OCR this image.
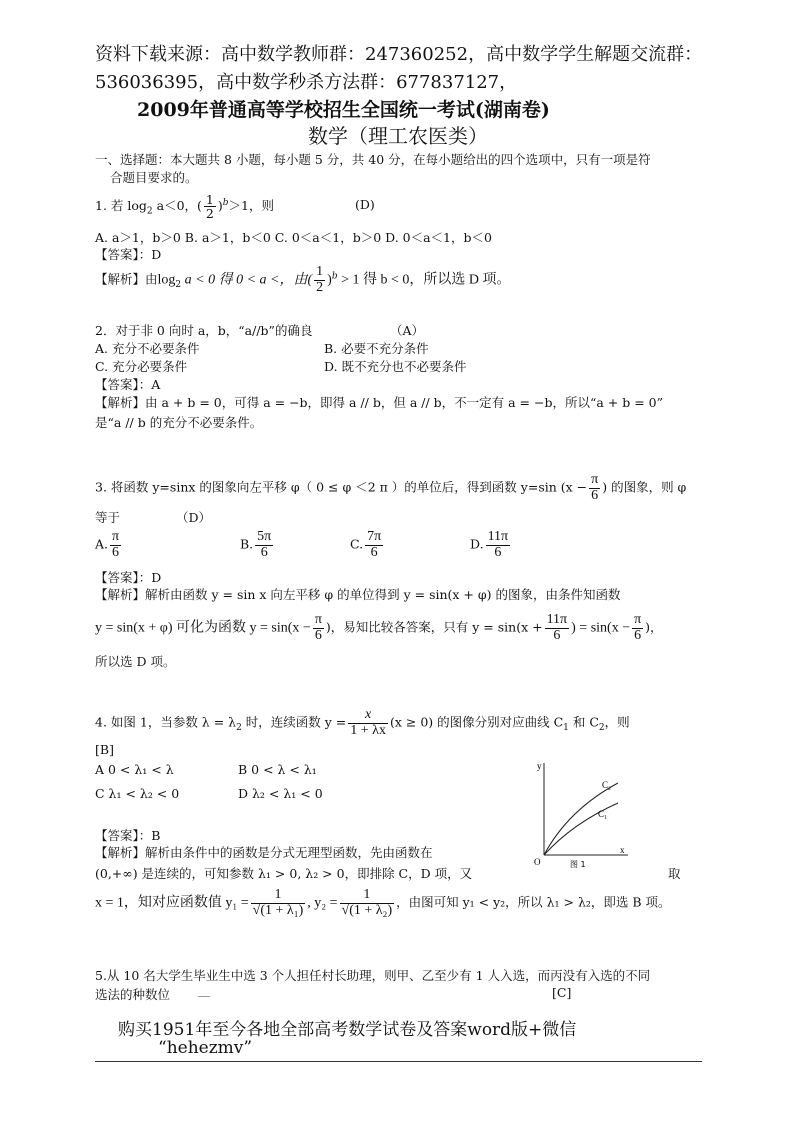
资料下载来源：高中数学教师群：247360252，高中数学学生解题交流群：
536036395，高中数学秒杀方法群：677837127，
2009年普通高等学校招生全国统一考试(湖南卷)
数学（理工农医类）
一、选择题：本大题共 8 小题，每小题 5 分，共 40 分，在每小题给出的四个选项中，只有一项是符
合题目要求的。
1. 若 $\log_2 a<0$，( $\frac{1}{2} )^b>1$，则	(D)
A. a＞1，b＞0 B. a＞1，b＜0 C. 0＜a＜1，b＞0 D. 0＜a＜1，b＜0
【答案】：D
【解析】由$\log_2 a < 0$ 得 0 < a <，由( $\frac{1}{2} )^b > 1$ 得 b < 0，所以选 D 项。
2．对于非 0 向时 a，b，“a//b”的确良	（A）
A. 充分不必要条件	B. 必要不充分条件
C. 充分必要条件	D. 既不充分也不必要条件
【答案】：A
【解析】由 a + b = 0，可得 a = −b，即得 a // b，但 a // b，不一定有 a = −b，所以“a + b = 0”
是“a // b 的充分不必要条件。
3. 将函数 y=sinx 的图象向左平移 φ（ 0 ≤ φ ＜2 π ）的单位后，得到函数 y=sin ($x - \frac{\pi}{6}$ ) 的图象，则 φ
等于	（D）
A. $\frac{\pi}{6}$	B. $\frac{5\pi}{6}$	C. $\frac{7\pi}{6}$	D. $\frac{11\pi}{6}$
【答案】：D
【解析】解析由函数 y = sin x 向左平移 φ 的单位得到 y = sin(x + φ) 的图象，由条件知函数
y = sin(x + φ) 可化为函数 $y = \sin(x - \frac{\pi}{6}$ )，易知比较各答案，只有 $y = \sin(x + \frac{11\pi}{6}$ ) = $\sin(x - \frac{\pi}{6}$ )，
所以选 D 项。
4. 如图 1，当参数 $\lambda = \lambda_2$ 时，连续函数 $y = \frac{x}{1 + \lambda x} (x \ge 0)$ 的图像分别对应曲线 $C_1$ 和 $C_2$，则
[B]
A 0 < λ₁ < λ	B 0 < λ < λ₁
C λ₁ < λ₂ < 0	D λ₂ < λ₁ < 0
y
x
C₂
C₁
O	图 1
【答案】：B
【解析】解析由条件中的函数是分式无理型函数，先由函数在
(0,+∞) 是连续的，可知参数 λ₁ > 0, λ₂ > 0，即排除 C，D 项，又	取
x = 1，知对应函数值 $y_1 = \frac{1}{\text{√(1 + λ₁)}}$ , $y_2 = \frac{1}{\text{√(1 + λ₂)}}$ ，由图可知 y₁ < y₂，所以 λ₁ > λ₂，即选 B 项。
5.从 10 名大学生毕业生中选 3 个人担任村长助理，则甲、乙至少有 1 人入选，而丙没有入选的不同
选法的种数位	[C]
购买1951年至今各地全部高考数学试卷及答案word版+微信
“hehezmv”
